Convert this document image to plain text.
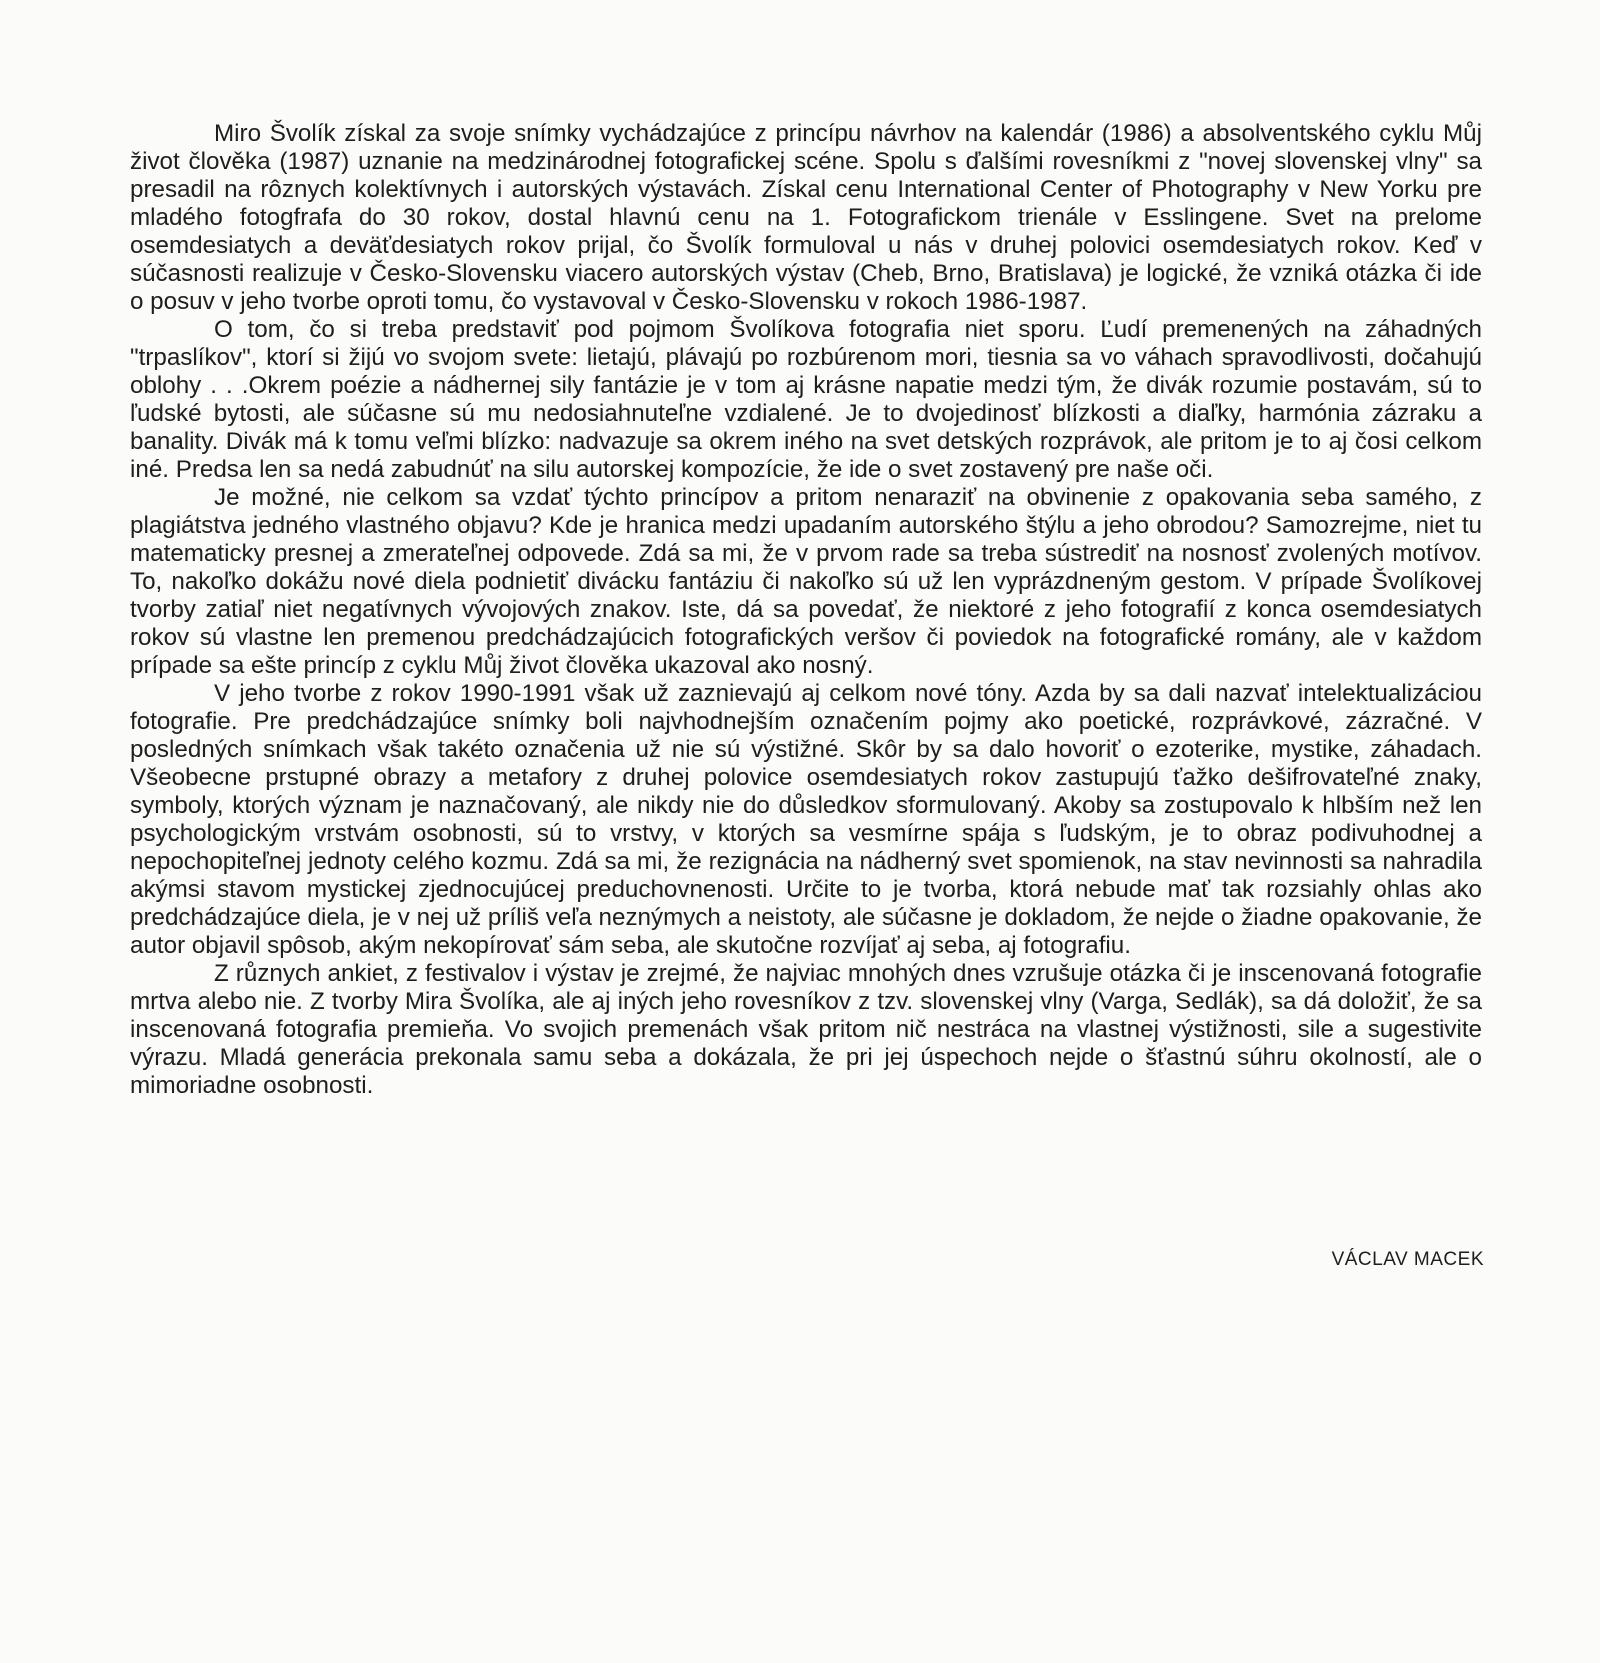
Miro Švolík získal za svoje snímky vychádzajúce z princípu návrhov na kalendár (1986) a absolventského cyklu Můj život člověka (1987) uznanie na medzinárodnej fotografickej scéne. Spolu s ďalšími rovesníkmi z "novej slovenskej vlny" sa presadil na rôznych kolektívnych i autorských výstavách. Získal cenu International Center of Photography v New Yorku pre mladého fotogfrafa do 30 rokov, dostal hlavnú cenu na 1. Fotografickom trienále v Esslingene. Svet na prelome osemdesiatych a deväťdesiatych rokov prijal, čo Švolík formuloval u nás v druhej polovici osemdesiatych rokov. Keď v súčasnosti realizuje v Česko-Slovensku viacero autorských výstav (Cheb, Brno, Bratislava) je logické, že vzniká otázka či ide o posuv v jeho tvorbe oproti tomu, čo vystavoval v Česko-Slovensku v rokoch 1986-1987.

O tom, čo si treba predstaviť pod pojmom Švolíkova fotografia niet sporu. Ľudí premenených na záhadných "trpaslíkov", ktorí si žijú vo svojom svete: lietajú, plávajú po rozbúrenom mori, tiesnia sa vo váhach spravodlivosti, dočahujú oblohy . . .Okrem poézie a nádhernej sily fantázie je v tom aj krásne napatie medzi tým, že divák rozumie postavám, sú to ľudské bytosti, ale súčasne sú mu nedosiahnuteľne vzdialené. Je to dvojedinosť blízkosti a diaľky, harmónia zázraku a banality. Divák má k tomu veľmi blízko: nadvazuje sa okrem iného na svet detských rozprávok, ale pritom je to aj čosi celkom iné. Predsa len sa nedá zabudnúť na silu autorskej kompozície, že ide o svet zostavený pre naše oči.

Je možné, nie celkom sa vzdať týchto princípov a pritom nenaraziť na obvinenie z opakovania seba samého, z plagiátstva jedného vlastného objavu? Kde je hranica medzi upadaním autorského štýlu a jeho obrodou? Samozrejme, niet tu matematicky presnej a zmerateľnej odpovede. Zdá sa mi, že v prvom rade sa treba sústrediť na nosnosť zvolených motívov. To, nakoľko dokážu nové diela podnietiť divácku fantáziu či nakoľko sú už len vyprázdneným gestom. V prípade Švolíkovej tvorby zatiaľ niet negatívnych vývojových znakov. Iste, dá sa povedať, že niektoré z jeho fotografií z konca osemdesiatych rokov sú vlastne len premenou predchádzajúcich fotografických veršov či poviedok na fotografické romány, ale v každom prípade sa ešte princíp z cyklu Můj život člověka ukazoval ako nosný.

V jeho tvorbe z rokov 1990-1991 však už zaznievajú aj celkom nové tóny. Azda by sa dali nazvať intelektualizáciou fotografie. Pre predchádzajúce snímky boli najvhodnejším označením pojmy ako poetické, rozprávkové, zázračné. V posledných snímkach však takéto označenia už nie sú výstižné. Skôr by sa dalo hovoriť o ezoterike, mystike, záhadach. Všeobecne prstupné obrazy a metafory z druhej polovice osemdesiatych rokov zastupujú ťažko dešifrovateľné znaky, symboly, ktorých význam je naznačovaný, ale nikdy nie do důsledkov sformulovaný. Akoby sa zostupovalo k hlbším než len psychologickým vrstvám osobnosti, sú to vrstvy, v ktorých sa vesmírne spája s ľudským, je to obraz podivuhodnej a nepochopiteľnej jednoty celého kozmu. Zdá sa mi, že rezignácia na nádherný svet spomienok, na stav nevinnosti sa nahradila akýmsi stavom mystickej zjednocujúcej preduchovnenosti. Určite to je tvorba, ktorá nebude mať tak rozsiahly ohlas ako predchádzajúce diela, je v nej už príliš veľa neznýmych a neistoty, ale súčasne je dokladom, že nejde o žiadne opakovanie, že autor objavil spôsob, akým nekopírovať sám seba, ale skutočne rozvíjať aj seba, aj fotografiu.

Z různych ankiet, z festivalov i výstav je zrejmé, že najviac mnohých dnes vzrušuje otázka či je inscenovaná fotografie mrtva alebo nie. Z tvorby Mira Švolíka, ale aj iných jeho rovesníkov z tzv. slovenskej vlny (Varga, Sedlák), sa dá doložiť, že sa inscenovaná fotografia premieňa. Vo svojich premenách však pritom nič nestráca na vlastnej výstižnosti, sile a sugestivite výrazu. Mladá generácia prekonala samu seba a dokázala, že pri jej úspechoch nejde o šťastnú súhru okolností, ale o mimoriadne osobnosti.

VÁCLAV MACEK
